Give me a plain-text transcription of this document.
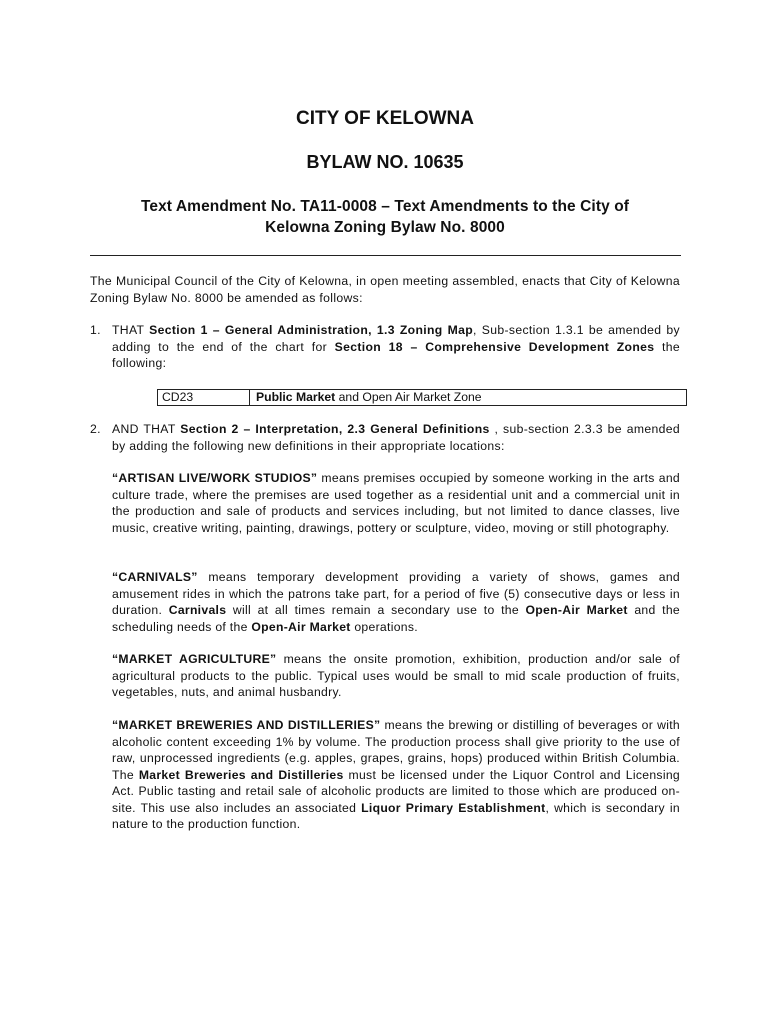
CITY OF KELOWNA
BYLAW NO. 10635
Text Amendment No. TA11-0008 – Text Amendments to the City of
Kelowna Zoning Bylaw No. 8000
The Municipal Council of the City of Kelowna, in open meeting assembled, enacts that City of Kelowna Zoning Bylaw No. 8000 be amended as follows:
1. THAT Section 1 – General Administration, 1.3 Zoning Map, Sub-section 1.3.1 be amended by adding to the end of the chart for Section 18 – Comprehensive Development Zones the following:
CD23	Public Market and Open Air Market Zone
2. AND THAT Section 2 – Interpretation, 2.3 General Definitions , sub-section 2.3.3 be amended by adding the following new definitions in their appropriate locations:
“ARTISAN LIVE/WORK STUDIOS” means premises occupied by someone working in the arts and culture trade, where the premises are used together as a residential unit and a commercial unit in the production and sale of products and services including, but not limited to dance classes, live music, creative writing, painting, drawings, pottery or sculpture, video, moving or still photography.
“CARNIVALS” means temporary development providing a variety of shows, games and amusement rides in which the patrons take part, for a period of five (5) consecutive days or less in duration. Carnivals will at all times remain a secondary use to the Open-Air Market and the scheduling needs of the Open-Air Market operations.
“MARKET AGRICULTURE” means the onsite promotion, exhibition, production and/or sale of agricultural products to the public. Typical uses would be small to mid scale production of fruits, vegetables, nuts, and animal husbandry.
“MARKET BREWERIES AND DISTILLERIES” means the brewing or distilling of beverages or with alcoholic content exceeding 1% by volume. The production process shall give priority to the use of raw, unprocessed ingredients (e.g. apples, grapes, grains, hops) produced within British Columbia. The Market Breweries and Distilleries must be licensed under the Liquor Control and Licensing Act. Public tasting and retail sale of alcoholic products are limited to those which are produced on-site. This use also includes an associated Liquor Primary Establishment, which is secondary in nature to the production function.
